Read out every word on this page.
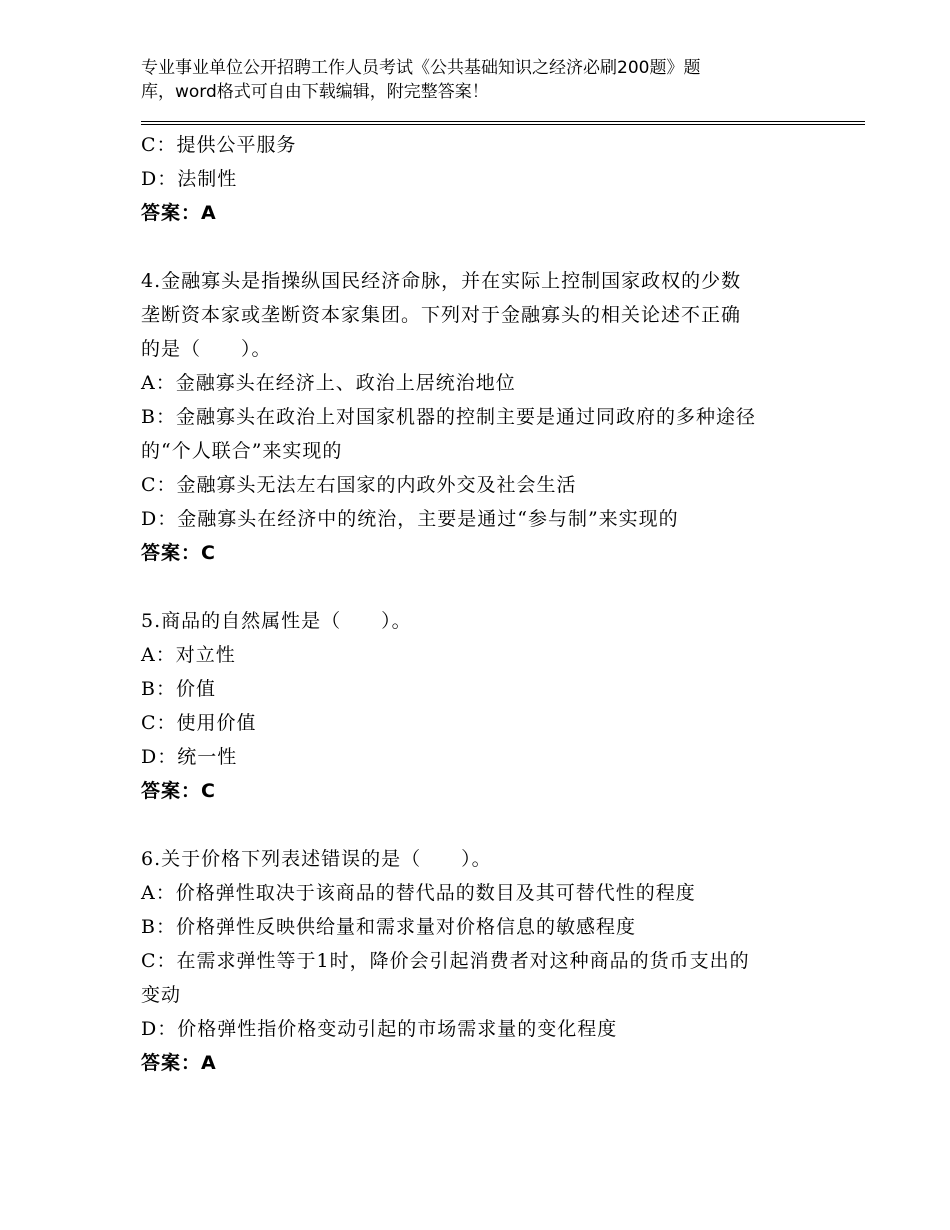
专业事业单位公开招聘工作人员考试《公共基础知识之经济必刷200题》题
库，word格式可自由下载编辑，附完整答案！
C：提供公平服务
D：法制性
答案：A
4.金融寡头是指操纵国民经济命脉，并在实际上控制国家政权的少数
垄断资本家或垄断资本家集团。下列对于金融寡头的相关论述不正确
的是（　　）。
A：金融寡头在经济上、政治上居统治地位
B：金融寡头在政治上对国家机器的控制主要是通过同政府的多种途径
的“个人联合”来实现的
C：金融寡头无法左右国家的内政外交及社会生活
D：金融寡头在经济中的统治，主要是通过“参与制”来实现的
答案：C
5.商品的自然属性是（　　）。
A：对立性
B：价值
C：使用价值
D：统一性
答案：C
6.关于价格下列表述错误的是（　　）。
A：价格弹性取决于该商品的替代品的数目及其可替代性的程度
B：价格弹性反映供给量和需求量对价格信息的敏感程度
C：在需求弹性等于1时，降价会引起消费者对这种商品的货币支出的
变动
D：价格弹性指价格变动引起的市场需求量的变化程度
答案：A
